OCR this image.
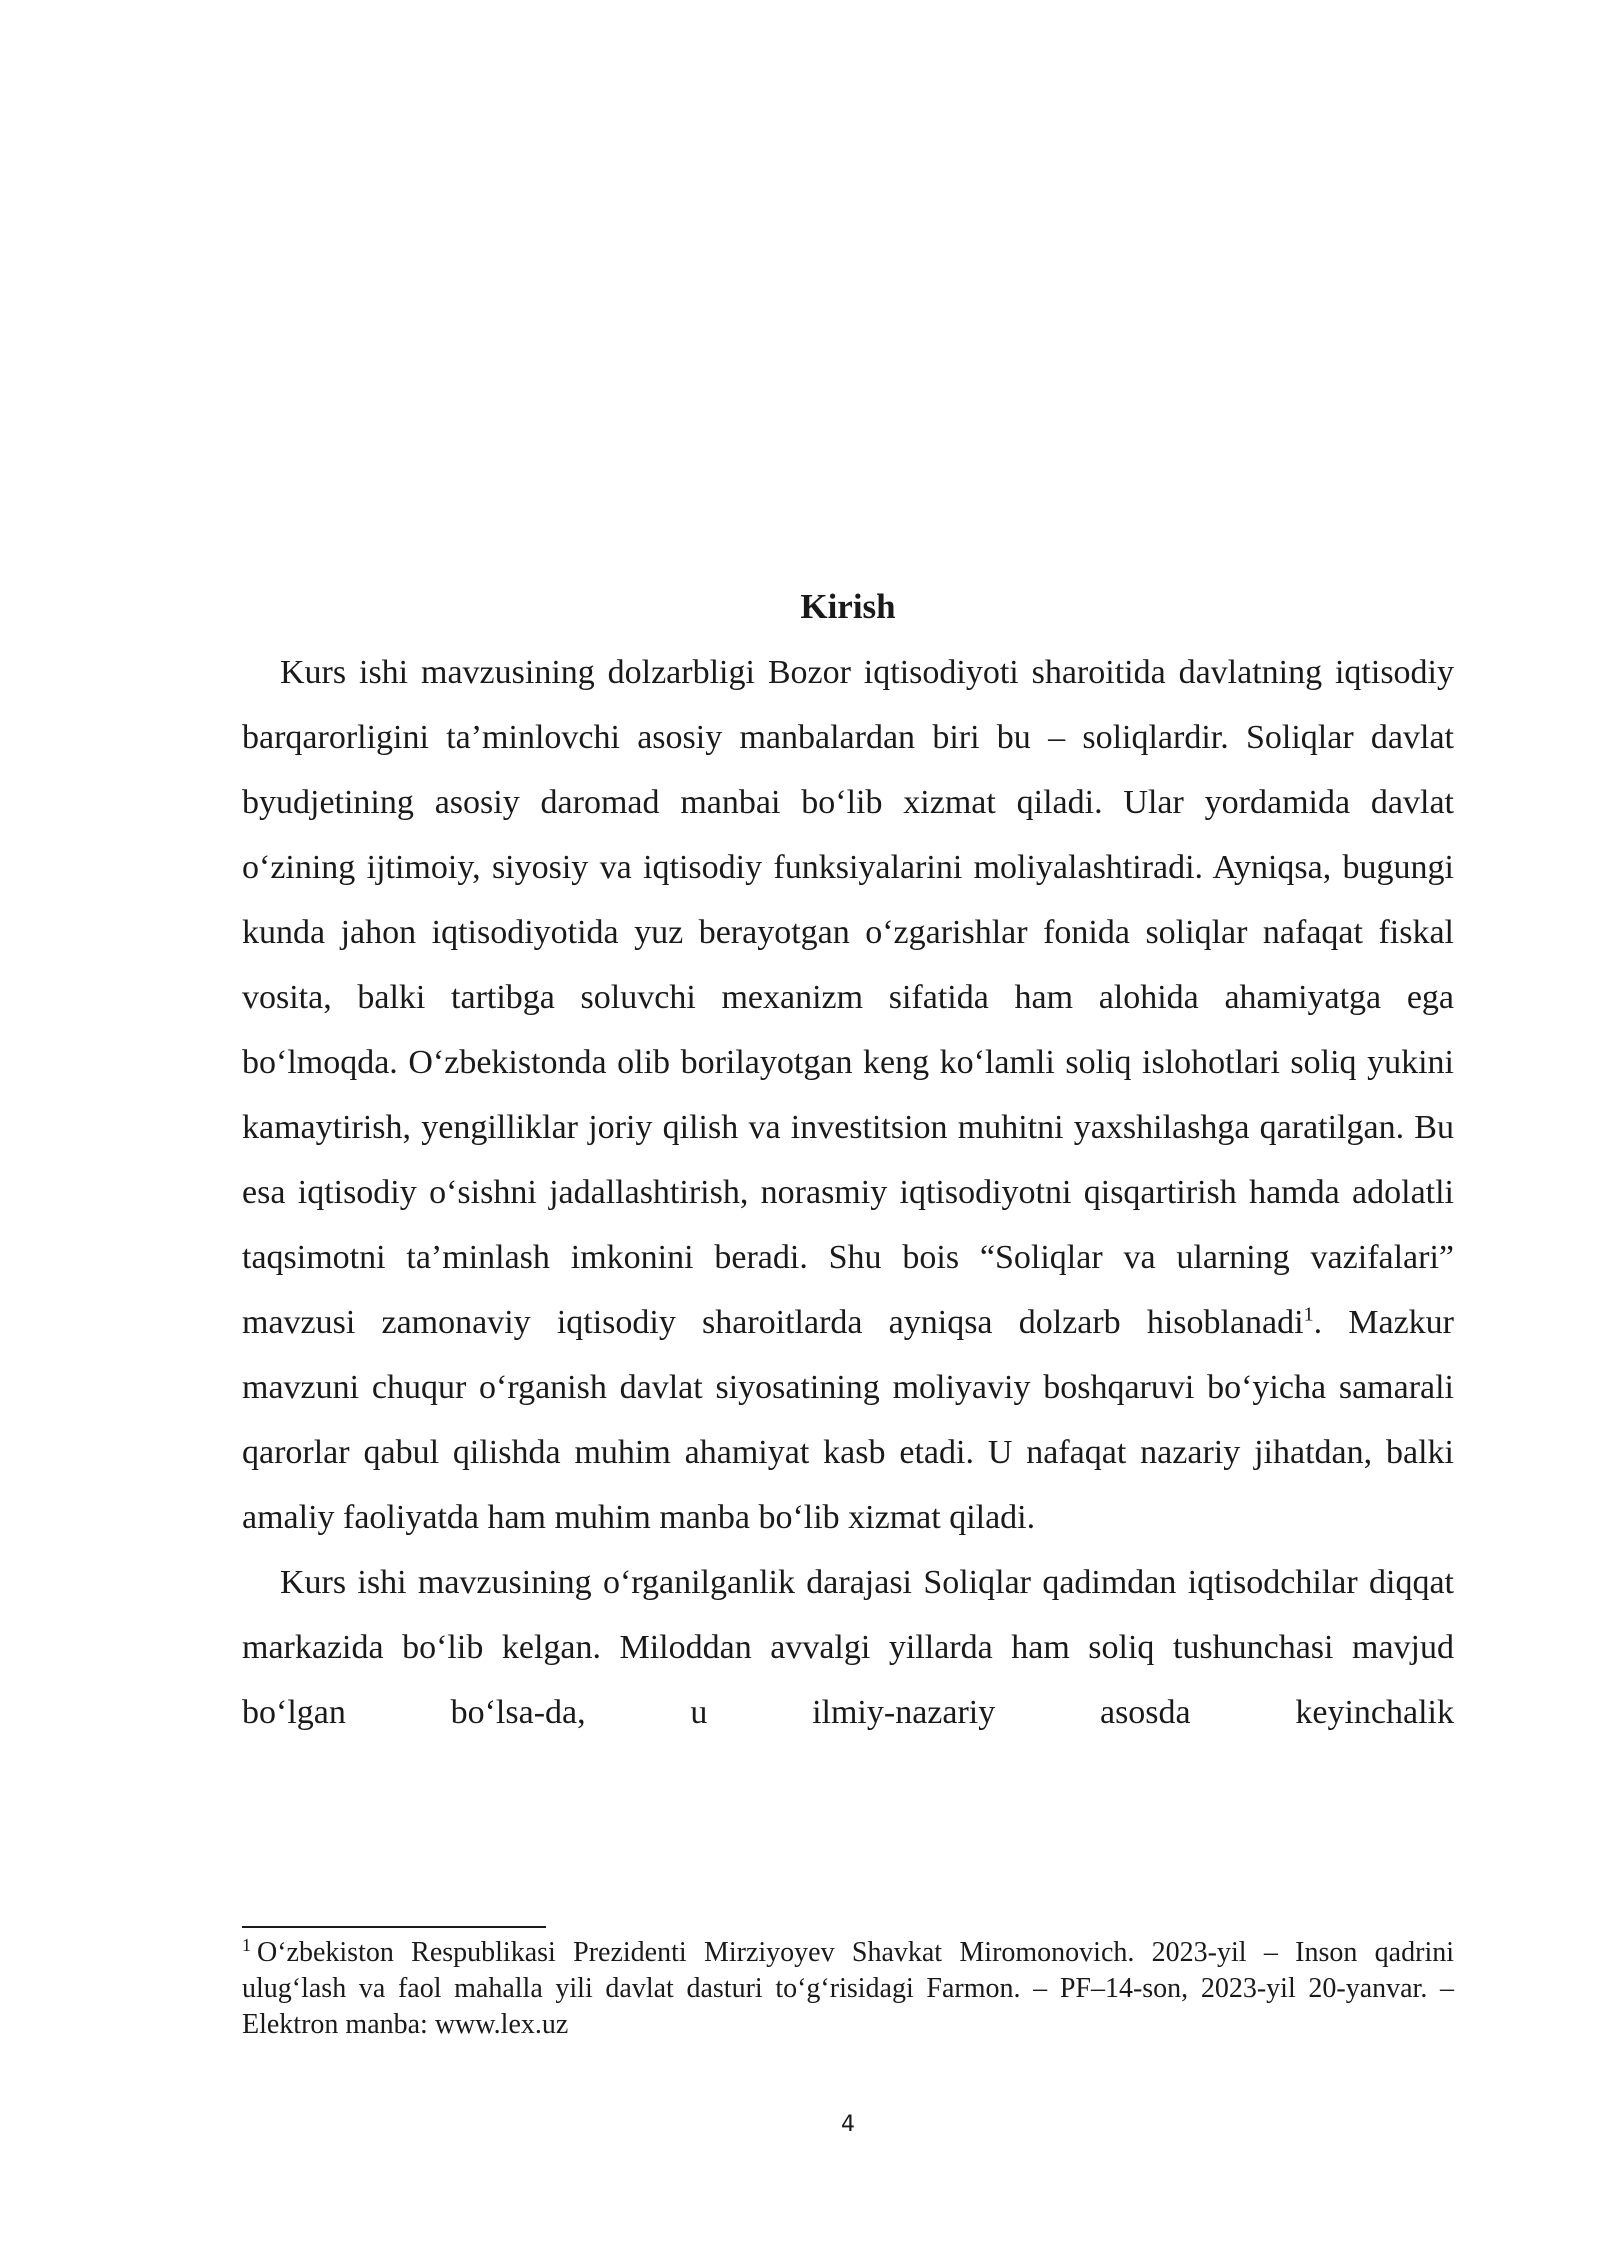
Kirish

Kurs ishi mavzusining dolzarbligi Bozor iqtisodiyoti sharoitida davlatning iqtisodiy barqarorligini ta’minlovchi asosiy manbalardan biri bu – soliqlardir. Soliqlar davlat byudjetining asosiy daromad manbai bo‘lib xizmat qiladi. Ular yordamida davlat o‘zining ijtimoiy, siyosiy va iqtisodiy funksiyalarini moliyalashtiradi. Ayniqsa, bugungi kunda jahon iqtisodiyotida yuz berayotgan o‘zgarishlar fonida soliqlar nafaqat fiskal vosita, balki tartibga soluvchi mexanizm sifatida ham alohida ahamiyatga ega bo‘lmoqda. O‘zbekistonda olib borilayotgan keng ko‘lamli soliq islohotlari soliq yukini kamaytirish, yengilliklar joriy qilish va investitsion muhitni yaxshilashga qaratilgan. Bu esa iqtisodiy o‘sishni jadallashtirish, norasmiy iqtisodiyotni qisqartirish hamda adolatli taqsimotni ta’minlash imkonini beradi. Shu bois “Soliqlar va ularning vazifalari” mavzusi zamonaviy iqtisodiy sharoitlarda ayniqsa dolzarb hisoblanadi$^1$. Mazkur mavzuni chuqur o‘rganish davlat siyosatining moliyaviy boshqaruvi bo‘yicha samarali qarorlar qabul qilishda muhim ahamiyat kasb etadi. U nafaqat nazariy jihatdan, balki amaliy faoliyatda ham muhim manba bo‘lib xizmat qiladi.

Kurs ishi mavzusining o‘rganilganlik darajasi Soliqlar qadimdan iqtisodchilar diqqat markazida bo‘lib kelgan. Miloddan avvalgi yillarda ham soliq tushunchasi mavjud bo‘lgan bo‘lsa-da, u ilmiy-nazariy asosda keyinchalik

$^1$ O‘zbekiston Respublikasi Prezidenti Mirziyoyev Shavkat Miromonovich. 2023-yil – Inson qadrini ulug‘lash va faol mahalla yili davlat dasturi to‘g‘risidagi Farmon. – PF–14-son, 2023-yil 20-yanvar. – Elektron manba: www.lex.uz
4
